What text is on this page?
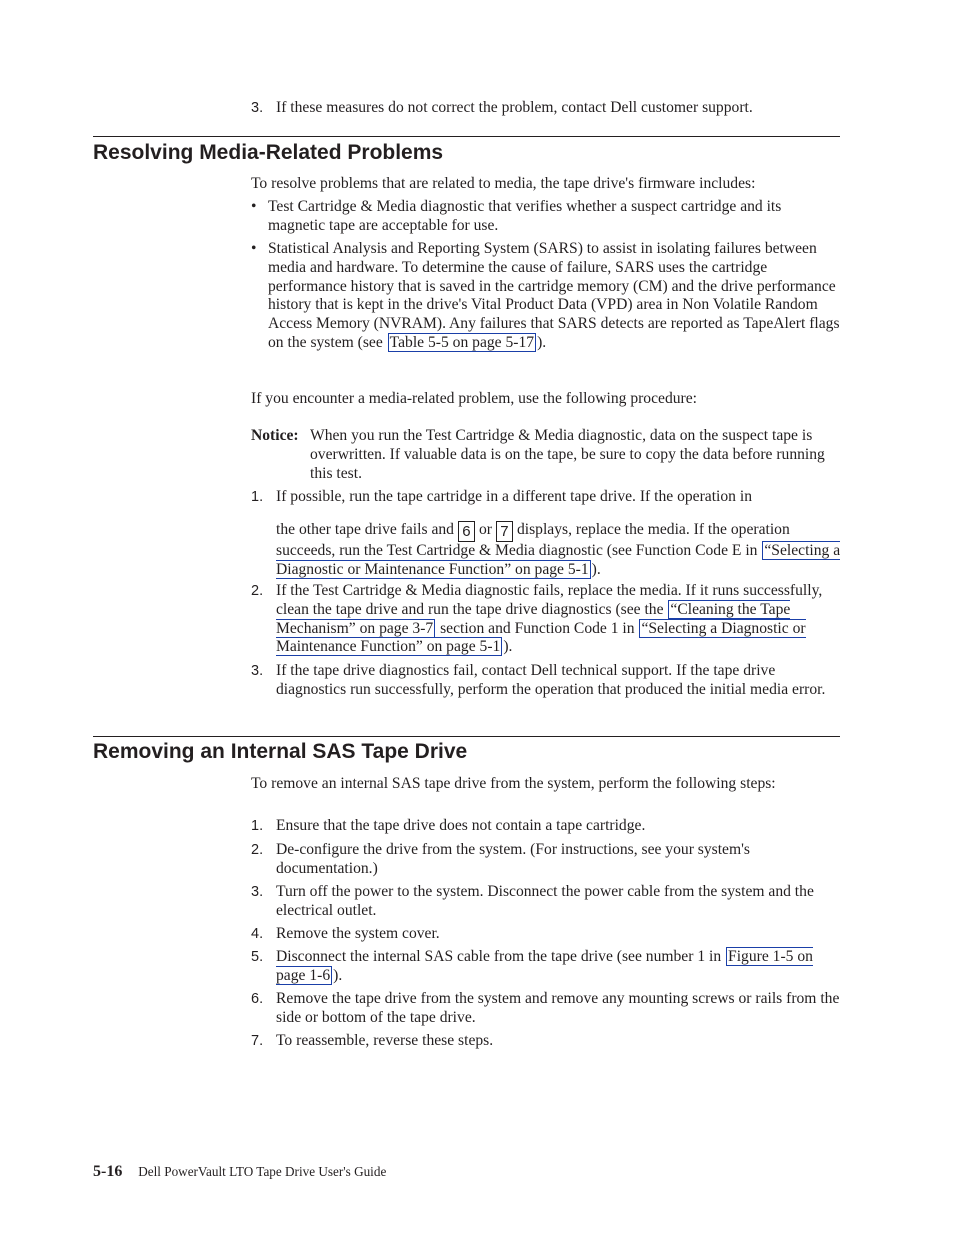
3. If these measures do not correct the problem, contact Dell customer support.
Resolving Media-Related Problems
To resolve problems that are related to media, the tape drive's firmware includes:
• Test Cartridge & Media diagnostic that verifies whether a suspect cartridge and its magnetic tape are acceptable for use.
• Statistical Analysis and Reporting System (SARS) to assist in isolating failures between media and hardware. To determine the cause of failure, SARS uses the cartridge performance history that is saved in the cartridge memory (CM) and the drive performance history that is kept in the drive's Vital Product Data (VPD) area in Non Volatile Random Access Memory (NVRAM). Any failures that SARS detects are reported as TapeAlert flags on the system (see Table 5-5 on page 5-17 ).
If you encounter a media-related problem, use the following procedure:
Notice: When you run the Test Cartridge & Media diagnostic, data on the suspect tape is overwritten. If valuable data is on the tape, be sure to copy the data before running this test.
1. If possible, run the tape cartridge in a different tape drive. If the operation in
the other tape drive fails and 6 or 7 displays, replace the media. If the operation succeeds, run the Test Cartridge & Media diagnostic (see Function Code E in “Selecting a Diagnostic or Maintenance Function” on page 5-1 ).
2. If the Test Cartridge & Media diagnostic fails, replace the media. If it runs successfully, clean the tape drive and run the tape drive diagnostics (see the “Cleaning the Tape Mechanism” on page 3-7 section and Function Code 1 in “Selecting a Diagnostic or Maintenance Function” on page 5-1 ).
3. If the tape drive diagnostics fail, contact Dell technical support. If the tape drive diagnostics run successfully, perform the operation that produced the initial media error.
Removing an Internal SAS Tape Drive
To remove an internal SAS tape drive from the system, perform the following steps:
1. Ensure that the tape drive does not contain a tape cartridge.
2. De-configure the drive from the system. (For instructions, see your system's documentation.)
3. Turn off the power to the system. Disconnect the power cable from the system and the electrical outlet.
4. Remove the system cover.
5. Disconnect the internal SAS cable from the tape drive (see number 1 in Figure 1-5 on page 1-6 ).
6. Remove the tape drive from the system and remove any mounting screws or rails from the side or bottom of the tape drive.
7. To reassemble, reverse these steps.
5-16 Dell PowerVault LTO Tape Drive User's Guide
